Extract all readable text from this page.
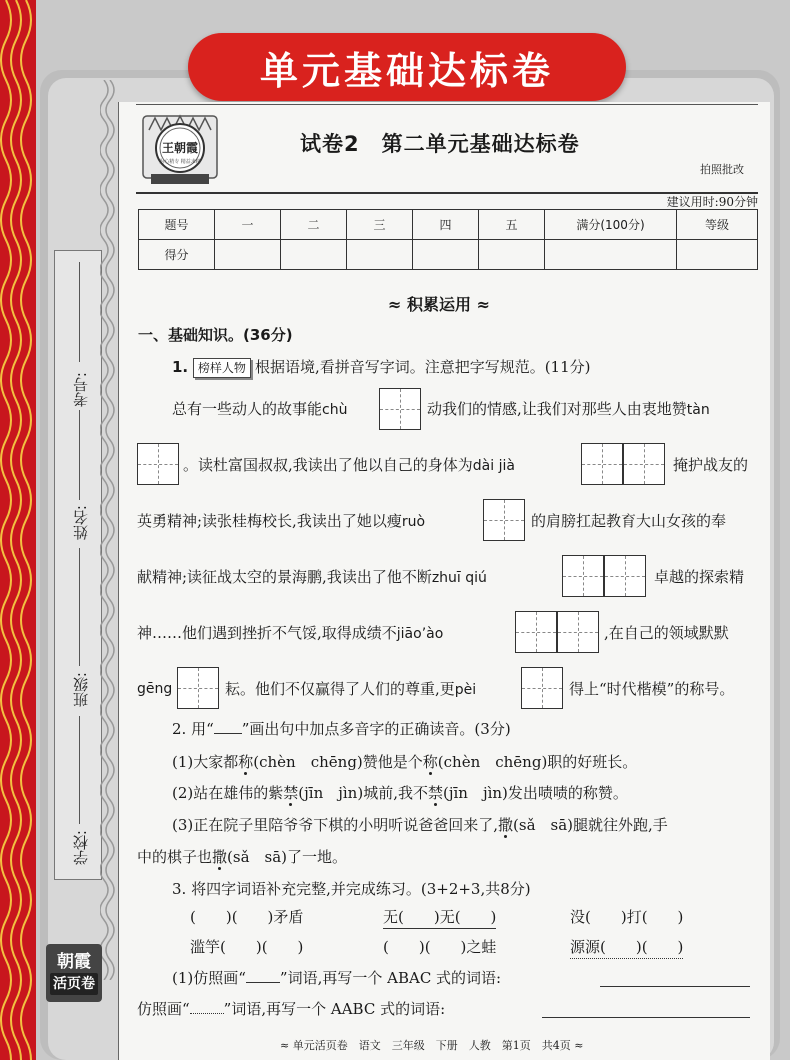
单元基础达标卷
考号:
姓名:
班级:
学校:
朝霞
活页卷
王朝霞
为心精专 精益求精
试卷2　第二单元基础达标卷
拍照批改
建议用时:90分钟
题号	一	二	三	四	五	满分(100分)	等级
得分							
≈ 积累运用 ≈
一、基础知识。(36分)
1. 榜样人物 根据语境,看拼音写字词。注意把字写规范。(11分)
总有一些动人的故事能chù	动我们的情感,让我们对那些人由衷地赞tàn
。读杜富国叔叔,我读出了他以自己的身体为dài jià	掩护战友的
英勇精神;读张桂梅校长,我读出了她以瘦ruò	的肩膀扛起教育大山女孩的奉
献精神;读征战太空的景海鹏,我读出了他不断zhuī qiú	卓越的探索精
神……他们遇到挫折不气馁,取得成绩不jiāo’ào	,在自己的领域默默
gēng	耘。他们不仅赢得了人们的尊重,更pèi	得上“时代楷模”的称号。
2. 用“ ”画出句中加点多音字的正确读音。(3分)
(1)大家都称(chèn　chēng)赞他是个称(chèn　chēng)职的好班长。
(2)站在雄伟的紫禁(jīn　jìn)城前,我不禁(jīn　jìn)发出啧啧的称赞。
(3)正在院子里陪爷爷下棋的小明听说爸爸回来了,撒(sǎ　sā)腿就往外跑,手
中的棋子也撒(sǎ　sā)了一地。
3. 将四字词语补充完整,并完成练习。(3+2+3,共8分)
(　　)(　　)矛盾	无(　　)无(　　)	没(　　)打(　　)
滥竽(　　)(　　)	(　　)(　　)之蛙	源源(　　)(　　)
(1)仿照画“ ”词语,再写一个 ABAC 式的词语:
仿照画“ ”词语,再写一个 AABC 式的词语:
≈ 单元活页卷　语文　三年级　下册　人教　第1页　共4页 ≈
